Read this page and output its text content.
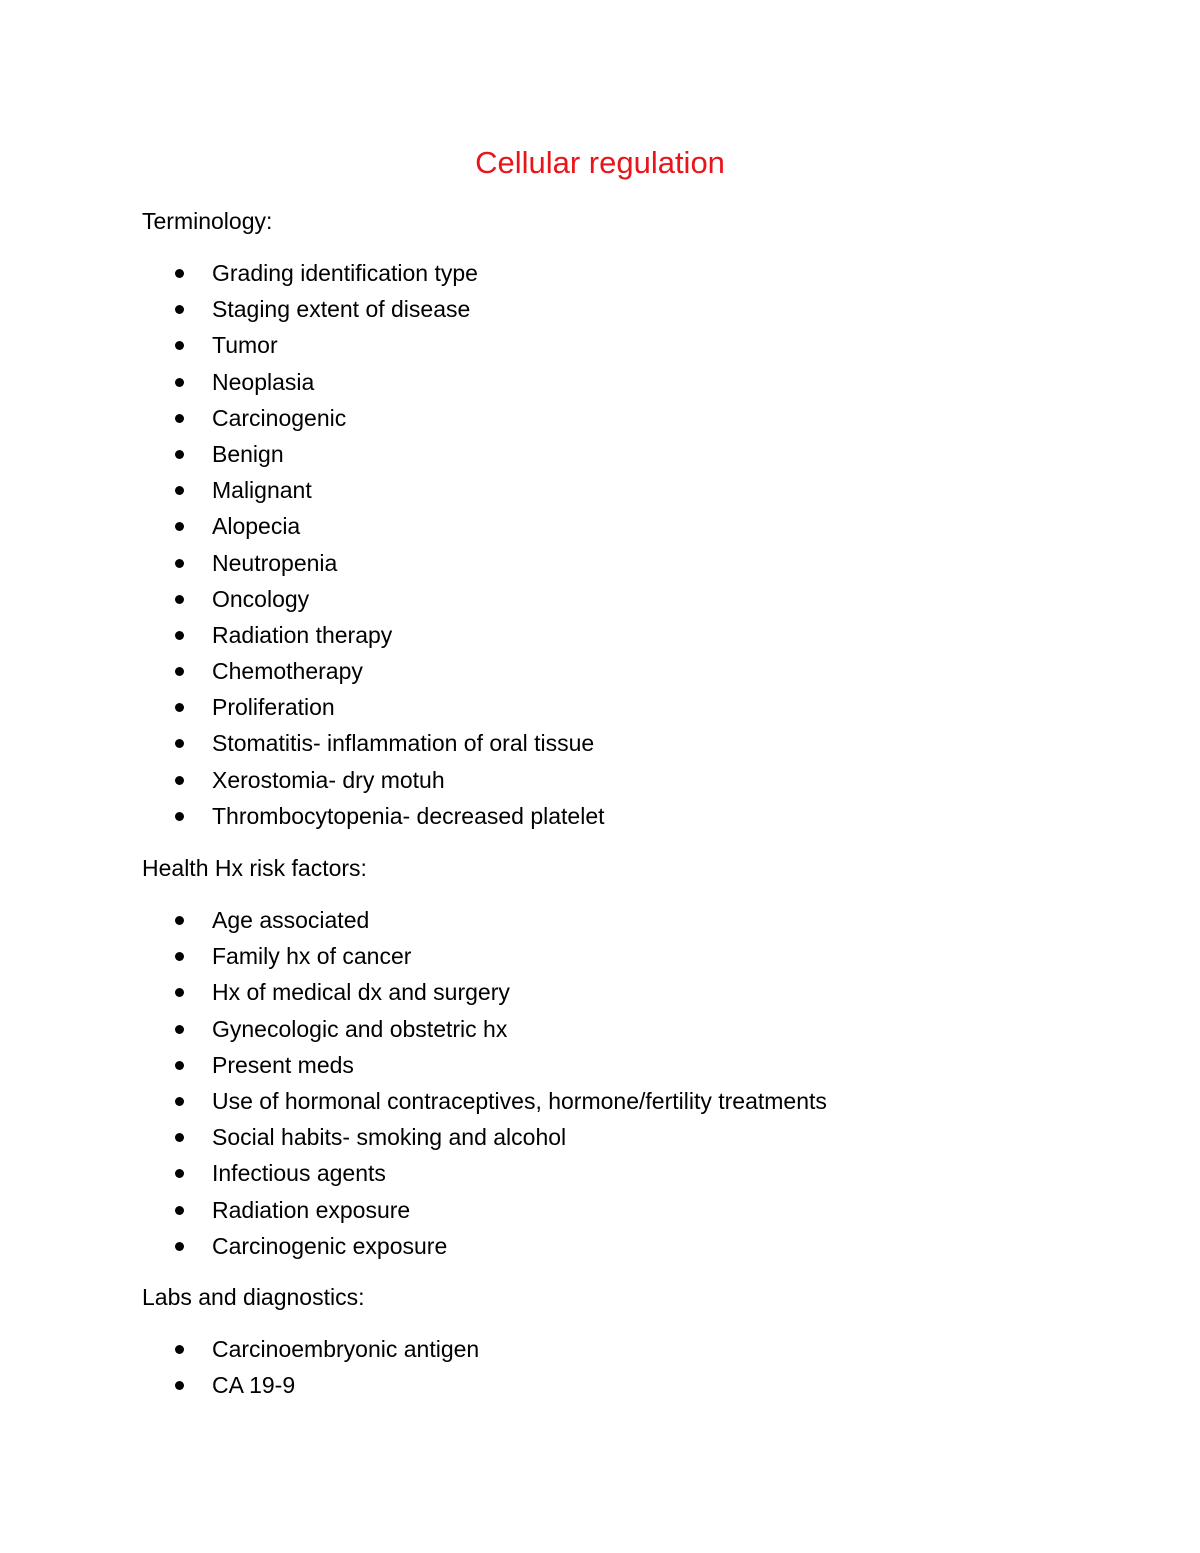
Cellular regulation

Terminology:

Grading identification type
Staging extent of disease
Tumor
Neoplasia
Carcinogenic
Benign
Malignant
Alopecia
Neutropenia
Oncology
Radiation therapy
Chemotherapy
Proliferation
Stomatitis- inflammation of oral tissue
Xerostomia- dry motuh
Thrombocytopenia- decreased platelet

Health Hx risk factors:

Age associated
Family hx of cancer
Hx of medical dx and surgery
Gynecologic and obstetric hx
Present meds
Use of hormonal contraceptives, hormone/fertility treatments
Social habits- smoking and alcohol
Infectious agents
Radiation exposure
Carcinogenic exposure

Labs and diagnostics:

Carcinoembryonic antigen
CA 19-9
